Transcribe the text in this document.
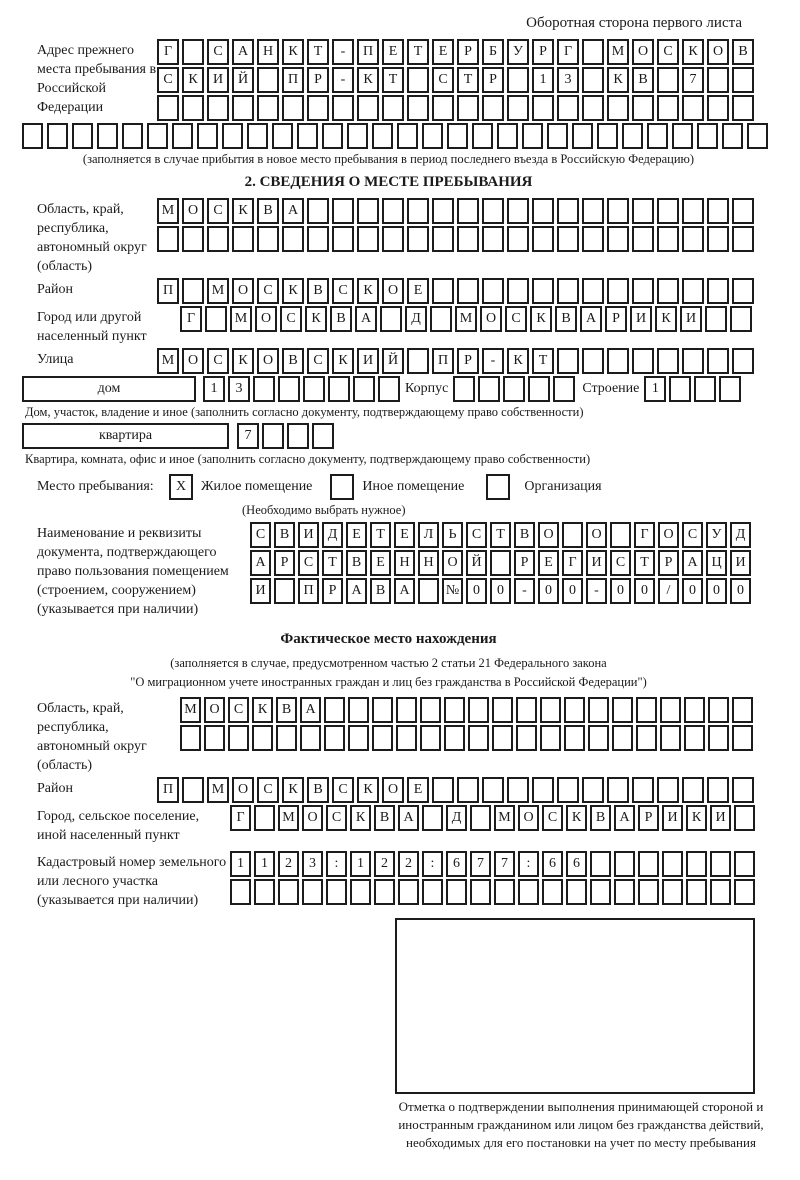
Оборотная сторона первого листа
Адрес прежнего места пребывания в Российской Федерации
Г	С	А	Н	К	Т	-	П	Е	Т	Е	Р	Б	У	Р	Г	М О	С	К	О	В
С	К	И	Й	П	Р	-	К	Т	С	Т	Р	1	3	К	В	7
(заполняется в случае прибытия в новое место пребывания в период последнего въезда в Российскую Федерацию)
2. СВЕДЕНИЯ О МЕСТЕ ПРЕБЫВАНИЯ
Область, край, республика, автономный округ (область)
М О	С	К	В	А
Район	П	М О	С	К	В	С	К	О	Е
Город или другой населенный пункт
Г	М О	С	К	В	А	Д	М О	С	К	В	А	Р	И	К	И
Улица	М О	С	К	О	В	С	К	И	Й	П	Р	-	К	Т
дом	1	3	Корпус	Строение 1
Дом, участок, владение и иное (заполнить согласно документу, подтверждающему право собственности)
квартира	7
Квартира, комната, офис и иное (заполнить согласно документу, подтверждающему право собственности)
Место пребывания:	X	Жилое помещение	Иное помещение	Организация
(Необходимо выбрать нужное)
Наименование и реквизиты документа, подтверждающего право пользования помещением (строением, сооружением) (указывается при наличии)
С	В	И	Д	Е	Т	Е	Л	Ь	С	Т	В	О	О	Г	О	С	У	Д
А	Р	С	Т	В	Е	Н Н О Й	Р	Е	Г	И	С	Т	Р	А Ц И
И	П	Р	А	В	А	№ 0	0	-	0	0	-	0	0	/	0	0	0
Фактическое место нахождения
(заполняется в случае, предусмотренном частью 2 статьи 21 Федерального закона
"О миграционном учете иностранных граждан и лиц без гражданства в Российской Федерации")
Область, край, республика, автономный округ (область)
М О	С	К	В	А
Район	П	М О	С	К	В	С	К	О	Е
Город, сельское поселение, иной населенный пункт
Г	М О	С	К	В	А	Д	М О	С	К	В	А	Р	И	К	И
Кадастровый номер земельного или лесного участка (указывается при наличии)
1	1	2	3	:	1	2	2	:	6	7	7	:	6	6
Отметка о подтверждении выполнения принимающей стороной и иностранным гражданином или лицом без гражданства действий, необходимых для его постановки на учет по месту пребывания
